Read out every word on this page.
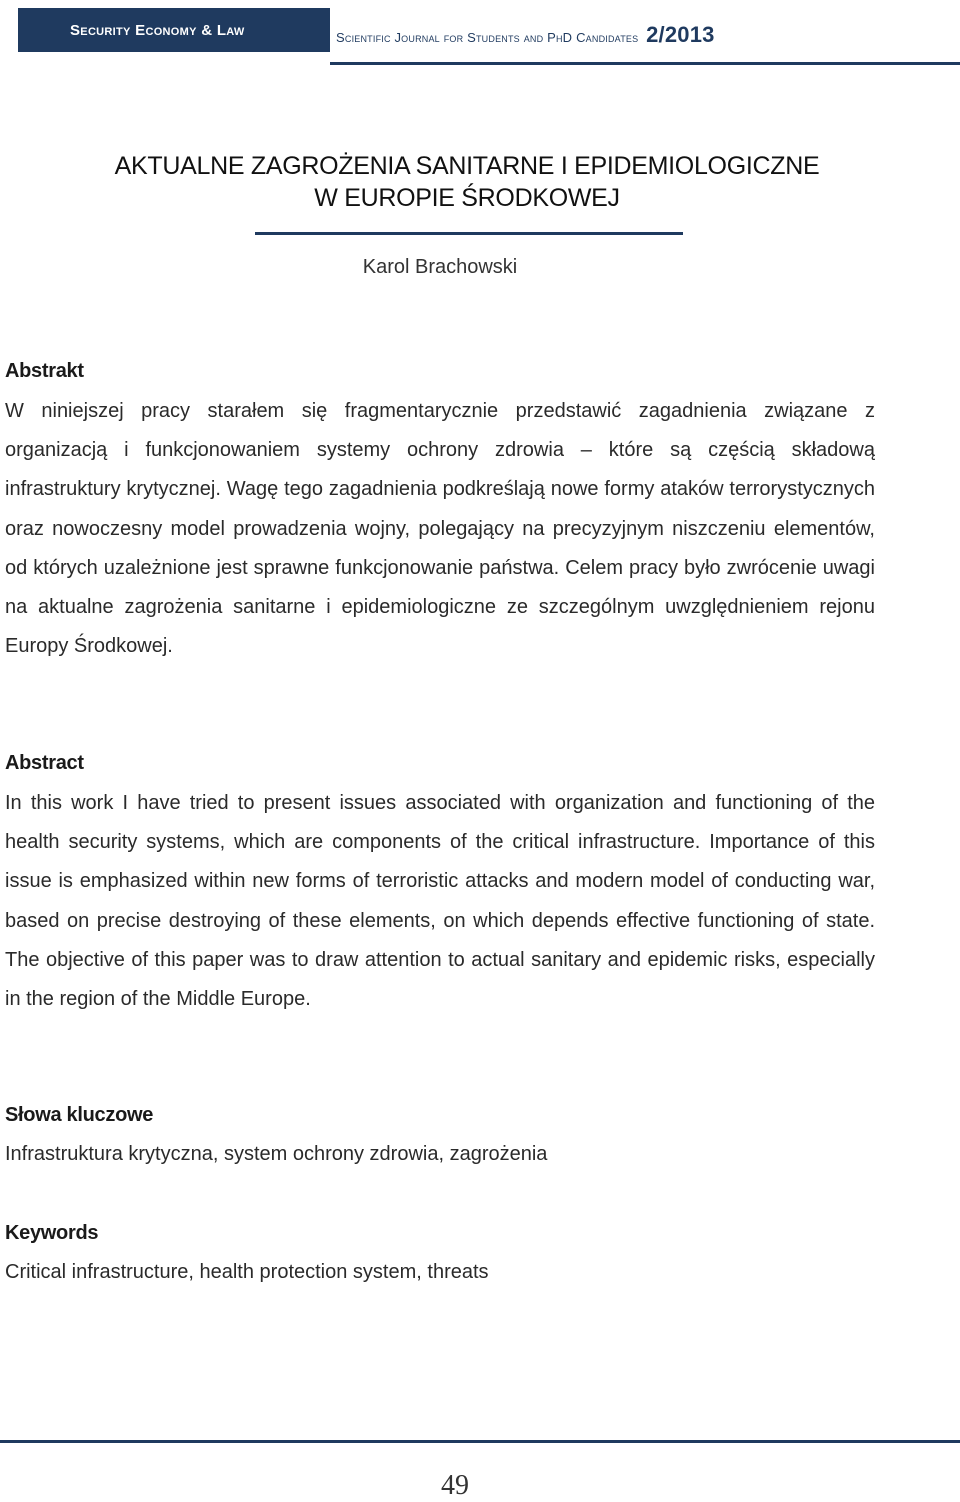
Security Economy & Law	Scientific Journal for Students and PhD Candidates 2/2013
AKTUALNE ZAGROŻENIA SANITARNE I EPIDEMIOLOGICZNE
W EUROPIE ŚRODKOWEJ
Karol Brachowski
Abstrakt
W niniejszej pracy starałem się fragmentarycznie przedstawić zagadnienia związane z organizacją i funkcjonowaniem systemy ochrony zdrowia – które są częścią składową infrastruktury krytycznej. Wagę tego zagadnienia podkreślają nowe formy ataków terrorystycznych oraz nowoczesny model prowadzenia wojny, polegający na precyzyjnym niszczeniu elementów, od których uzależnione jest sprawne funkcjonowanie państwa. Celem pracy było zwrócenie uwagi na aktualne zagrożenia sanitarne i epidemiologiczne ze szczególnym uwzględnieniem rejonu Europy Środkowej.
Abstract
In this work I have tried to present issues associated with organization and functioning of the health security systems, which are components of the critical infrastructure. Importance of this issue is emphasized within new forms of terroristic attacks and modern model of conducting war, based on precise destroying of these elements, on which depends effective functioning of state. The objective of this paper was to draw attention to actual sanitary and epidemic risks, especially in the region of the Middle Europe.
Słowa kluczowe
Infrastruktura krytyczna, system ochrony zdrowia, zagrożenia
Keywords
Critical infrastructure, health protection system, threats
49
